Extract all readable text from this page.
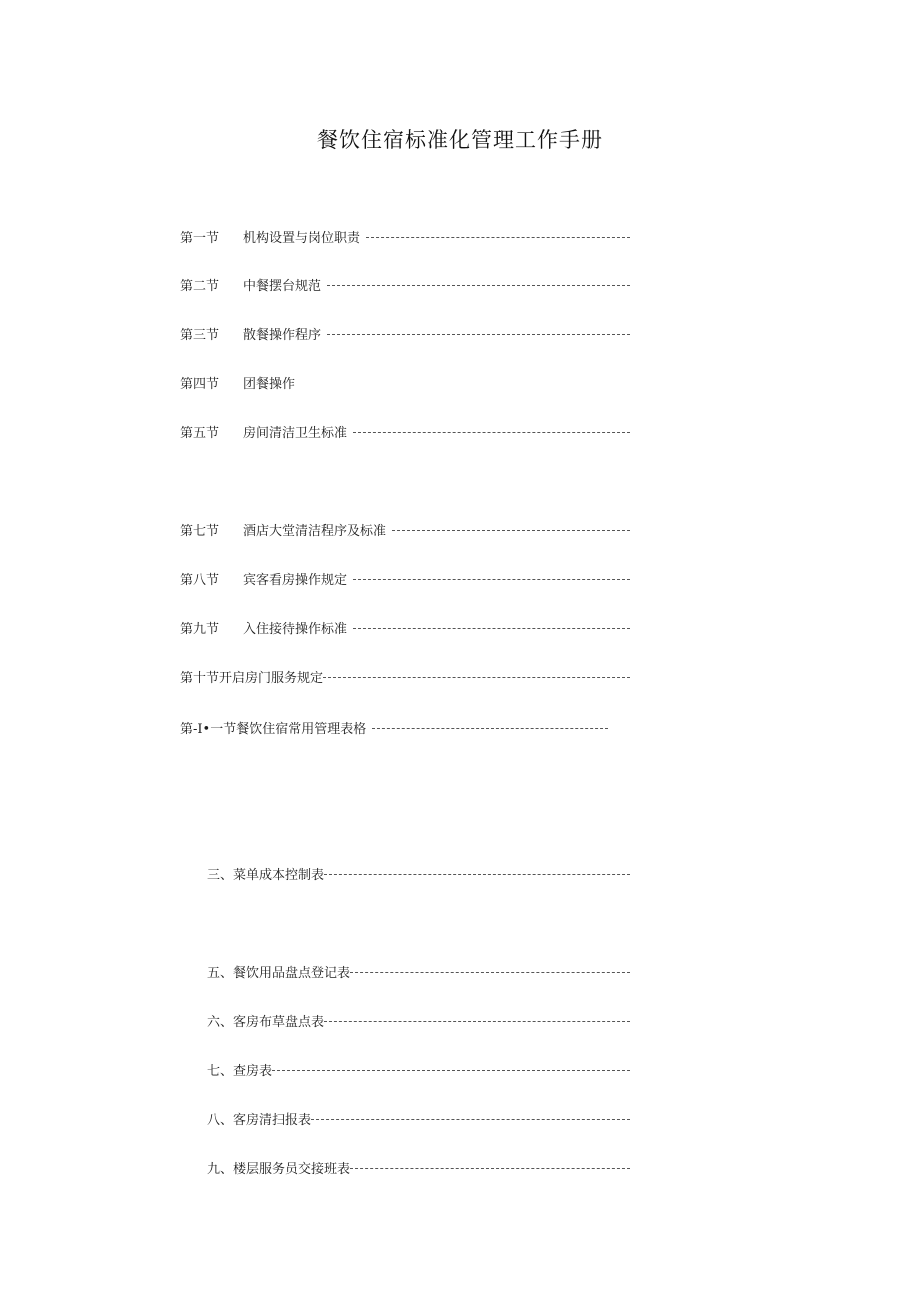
餐饮住宿标准化管理工作手册
第一节	机构设置与岗位职责
第二节	中餐摆台规范
第三节	散餐操作程序
第四节	团餐操作
第五节	房间清洁卫生标准
第七节	酒店大堂清洁程序及标准
第八节	宾客看房操作规定
第九节	入住接待操作标准
第十节开启房门服务规定
第-Ⅰ•一节餐饮住宿常用管理表格
三、菜单成本控制表
五、餐饮用品盘点登记表
六、客房布草盘点表
七、查房表
八、客房清扫报表
九、楼层服务员交接班表
